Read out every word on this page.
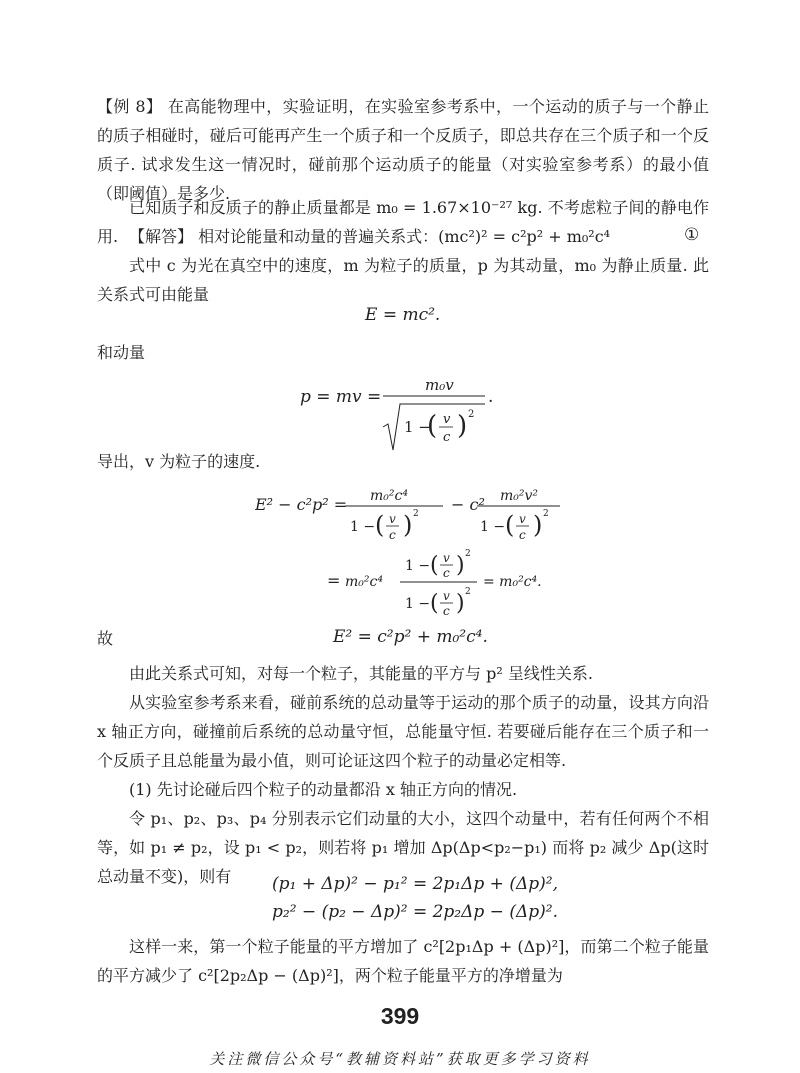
【例 8】 在高能物理中，实验证明，在实验室参考系中，一个运动的质子与一个静止的质子相碰时，碰后可能再产生一个质子和一个反质子，即总共存在三个质子和一个反质子. 试求发生这一情况时，碰前那个运动质子的能量（对实验室参考系）的最小值（即阈值）是多少.

已知质子和反质子的静止质量都是 m₀ = 1.67×10⁻²⁷ kg. 不考虑粒子间的静电作用. 【解答】 相对论能量和动量的普遍关系式：(mc²)² = c²p² + m₀²c⁴	①

式中 c 为光在真空中的速度，m 为粒子的质量，p 为其动量，m₀ 为静止质量. 此关系式可由能量

E = mc².

和动量

p = mv =
m₀v
1 −
( v
c ) 2
.

导出，v 为粒子的速度.

E² − c²p² = m₀²c⁴
1 − ( v
c ) 2 − c² m₀²v²
1 − ( v
c ) 2
= m₀²c⁴
1 − ( v
c ) 2
1 − ( v
c ) 2
= m₀²c⁴.

故	E² = c²p² + m₀²c⁴.

由此关系式可知，对每一个粒子，其能量的平方与 p² 呈线性关系.

从实验室参考系来看，碰前系统的总动量等于运动的那个质子的动量，设其方向沿 x 轴正方向，碰撞前后系统的总动量守恒，总能量守恒. 若要碰后能存在三个质子和一个反质子且总能量为最小值，则可论证这四个粒子的动量必定相等.

(1) 先讨论碰后四个粒子的动量都沿 x 轴正方向的情况.

令 p₁、p₂、p₃、p₄ 分别表示它们动量的大小，这四个动量中，若有任何两个不相等，如 p₁ ≠ p₂，设 p₁ < p₂，则若将 p₁ 增加 Δp(Δp<p₂−p₁) 而将 p₂ 减少 Δp(这时总动量不变)，则有	(p₁ + Δp)² − p₁² = 2p₁Δp + (Δp)²,
p₂² − (p₂ − Δp)² = 2p₂Δp − (Δp)².

这样一来，第一个粒子能量的平方增加了 c²[2p₁Δp + (Δp)²]，而第二个粒子能量的平方减少了 c²[2p₂Δp − (Δp)²]，两个粒子能量平方的净增量为

399
关注微信公众号“教辅资料站”获取更多学习资料
